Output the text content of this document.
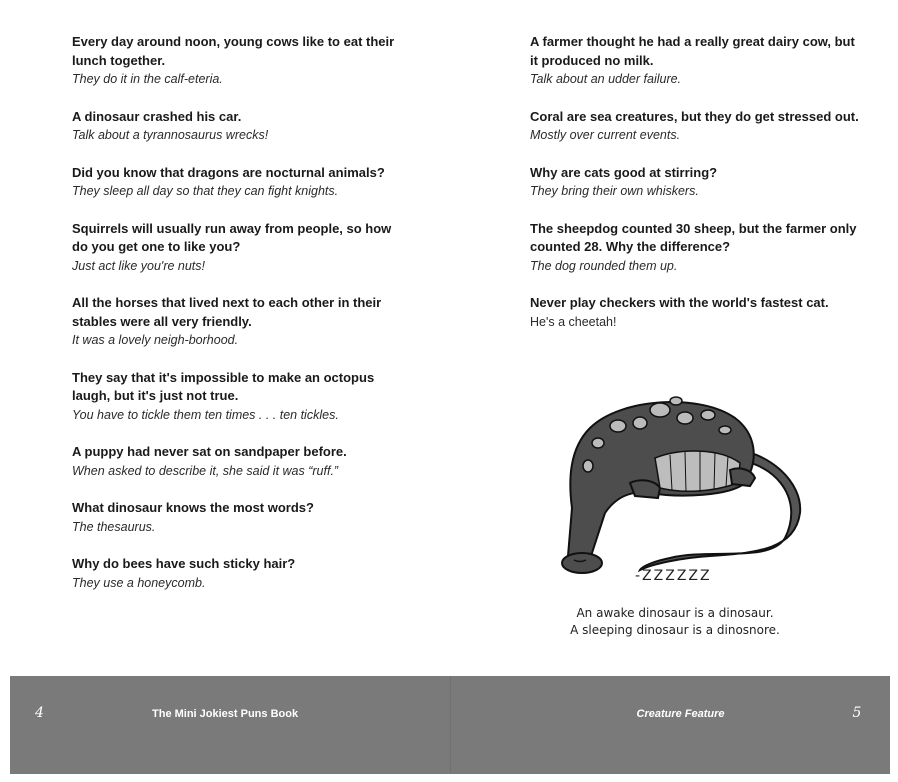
Every day around noon, young cows like to eat their lunch together.
They do it in the calf-eteria.
A dinosaur crashed his car.
Talk about a tyrannosaurus wrecks!
Did you know that dragons are nocturnal animals?
They sleep all day so that they can fight knights.
Squirrels will usually run away from people, so how do you get one to like you?
Just act like you're nuts!
All the horses that lived next to each other in their stables were all very friendly.
It was a lovely neigh-borhood.
They say that it's impossible to make an octopus laugh, but it's just not true.
You have to tickle them ten times . . . ten tickles.
A puppy had never sat on sandpaper before.
When asked to describe it, she said it was “ruff.”
What dinosaur knows the most words?
The thesaurus.
Why do bees have such sticky hair?
They use a honeycomb.
A farmer thought he had a really great dairy cow, but it produced no milk.
Talk about an udder failure.
Coral are sea creatures, but they do get stressed out.
Mostly over current events.
Why are cats good at stirring?
They bring their own whiskers.
The sheepdog counted 30 sheep, but the farmer only counted 28. Why the difference?
The dog rounded them up.
Never play checkers with the world's fastest cat.
He's a cheetah!
-ZZZZZZ
An awake dinosaur is a dinosaur.
A sleeping dinosaur is a dinosnore.
4	The Mini Jokiest Puns Book	Creature Feature	5
